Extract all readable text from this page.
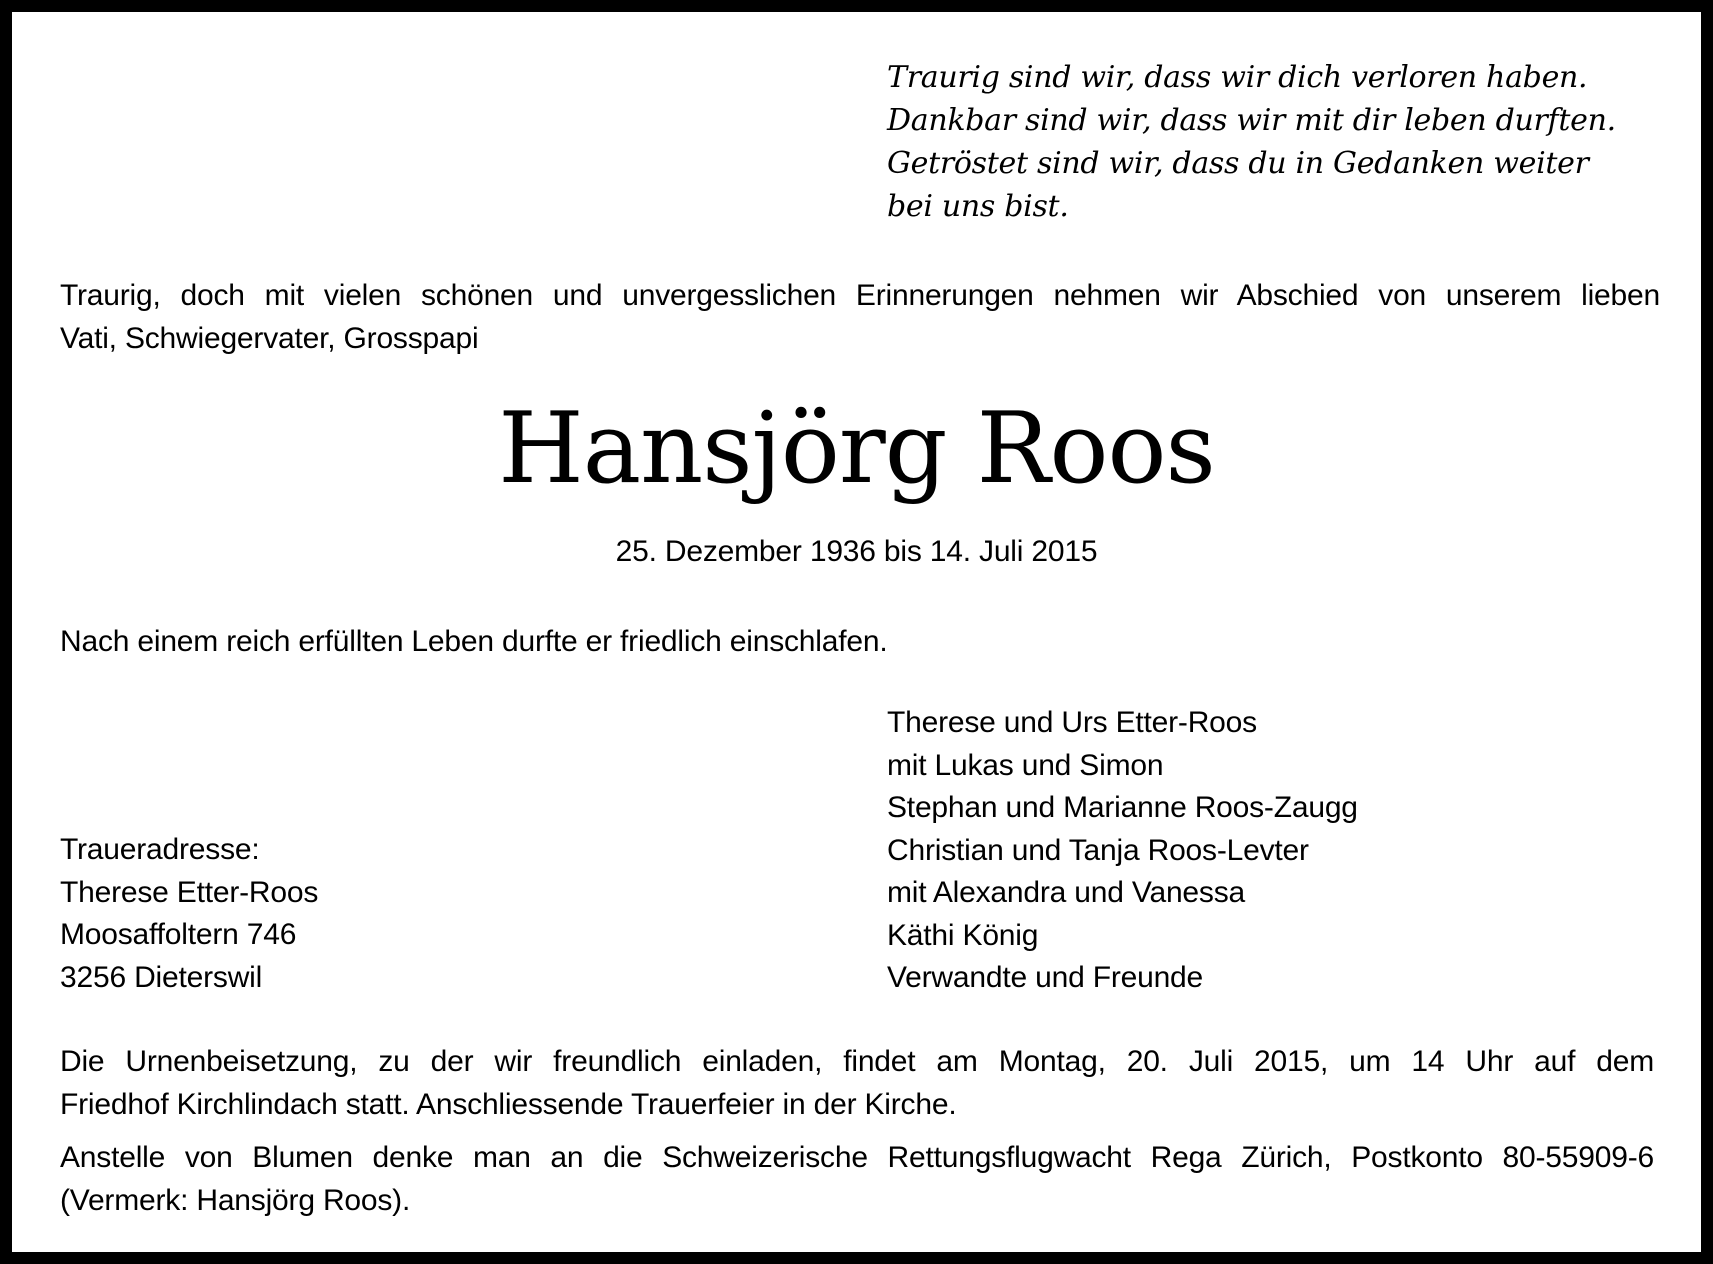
Traurig sind wir, dass wir dich verloren haben.
Dankbar sind wir, dass wir mit dir leben durften.
Getröstet sind wir, dass du in Gedanken weiter
bei uns bist.
Traurig, doch mit vielen schönen und unvergesslichen Erinnerungen nehmen wir Abschied von unserem lieben
Vati, Schwiegervater, Grosspapi
Hansjörg Roos
25. Dezember 1936 bis 14. Juli 2015
Nach einem reich erfüllten Leben durfte er friedlich einschlafen.
Therese und Urs Etter-Roos
mit Lukas und Simon
Stephan und Marianne Roos-Zaugg
Christian und Tanja Roos-Levter
mit Alexandra und Vanessa
Käthi König
Verwandte und Freunde
Traueradresse:
Therese Etter-Roos
Moosaffoltern 746
3256 Dieterswil
Die Urnenbeisetzung, zu der wir freundlich einladen, findet am Montag, 20. Juli 2015, um 14 Uhr auf dem
Friedhof Kirchlindach statt. Anschliessende Trauerfeier in der Kirche.
Anstelle von Blumen denke man an die Schweizerische Rettungsflugwacht Rega Zürich, Postkonto 80-55909-6
(Vermerk: Hansjörg Roos).
